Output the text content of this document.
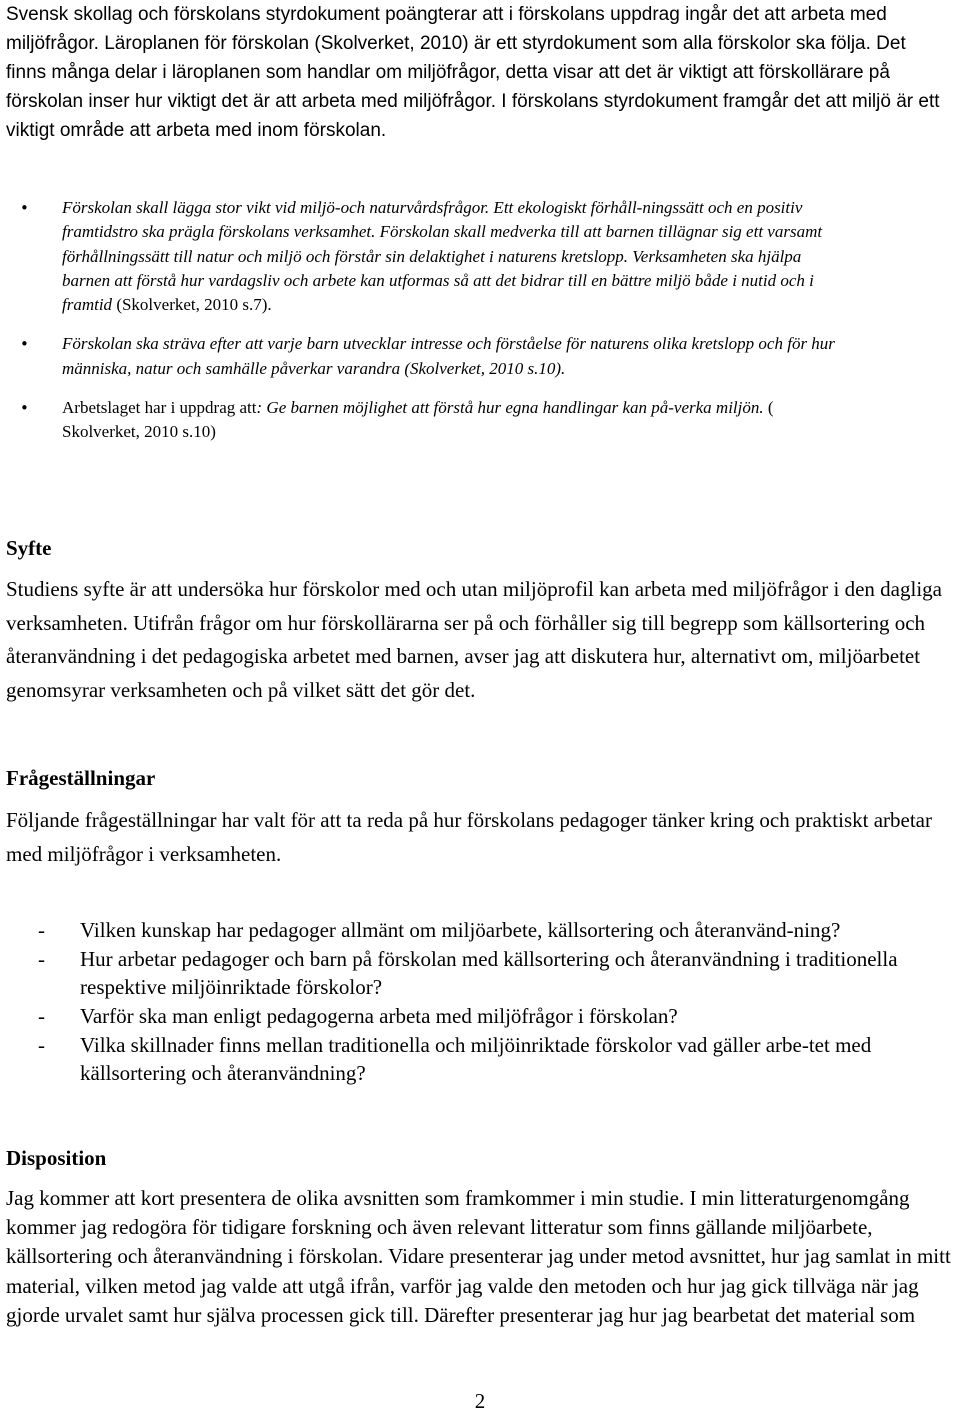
Svensk skollag och förskolans styrdokument poängterar att i förskolans uppdrag ingår det att arbeta med miljöfrågor. Läroplanen för förskolan (Skolverket, 2010) är ett styrdokument som alla förskolor ska följa. Det finns många delar i läroplanen som handlar om miljöfrågor, detta visar att det är viktigt att förskollärare på förskolan inser hur viktigt det är att arbeta med miljöfrågor. I förskolans styrdokument framgår det att miljö är ett viktigt område att arbeta med inom förskolan.

• Förskolan skall lägga stor vikt vid miljö-och naturvårdsfrågor. Ett ekologiskt förhåll-ningssätt och en positiv framtidstro ska prägla förskolans verksamhet. Förskolan skall medverka till att barnen tillägnar sig ett varsamt förhållningssätt till natur och miljö och förstår sin delaktighet i naturens kretslopp. Verksamheten ska hjälpa barnen att förstå hur vardagsliv och arbete kan utformas så att det bidrar till en bättre miljö både i nutid och i framtid (Skolverket, 2010 s.7).
• Förskolan ska sträva efter att varje barn utvecklar intresse och förståelse för naturens olika kretslopp och för hur människa, natur och samhälle påverkar varandra (Skolverket, 2010 s.10).
• Arbetslaget har i uppdrag att: Ge barnen möjlighet att förstå hur egna handlingar kan på-verka miljön. ( Skolverket, 2010 s.10)
Syfte

Studiens syfte är att undersöka hur förskolor med och utan miljöprofil kan arbeta med miljöfrågor i den dagliga verksamheten. Utifrån frågor om hur förskollärarna ser på och förhåller sig till begrepp som källsortering och återanvändning i det pedagogiska arbetet med barnen, avser jag att diskutera hur, alternativt om, miljöarbetet genomsyrar verksamheten och på vilket sätt det gör det.

Frågeställningar

Följande frågeställningar har valt för att ta reda på hur förskolans pedagoger tänker kring och praktiskt arbetar med miljöfrågor i verksamheten.

- Vilken kunskap har pedagoger allmänt om miljöarbete, källsortering och återanvänd-ning?
- Hur arbetar pedagoger och barn på förskolan med källsortering och återanvändning i traditionella respektive miljöinriktade förskolor?
- Varför ska man enligt pedagogerna arbeta med miljöfrågor i förskolan?
- Vilka skillnader finns mellan traditionella och miljöinriktade förskolor vad gäller arbe-tet med källsortering och återanvändning?
Disposition

Jag kommer att kort presentera de olika avsnitten som framkommer i min studie. I min litteraturgenomgång kommer jag redogöra för tidigare forskning och även relevant litteratur som finns gällande miljöarbete, källsortering och återanvändning i förskolan. Vidare presenterar jag under metod avsnittet, hur jag samlat in mitt material, vilken metod jag valde att utgå ifrån, varför jag valde den metoden och hur jag gick tillväga när jag gjorde urvalet samt hur själva processen gick till. Därefter presenterar jag hur jag bearbetat det material som

2
